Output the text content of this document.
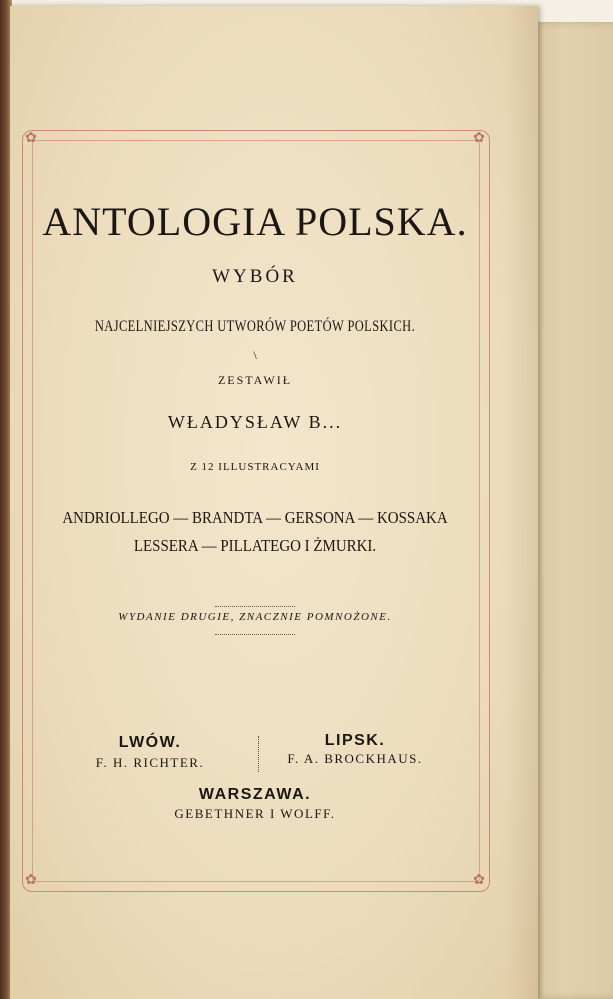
✿	✿
✿	✿
ANTOLOGIA POLSKA.
WYBÓR
NAJCELNIEJSZYCH UTWORÓW POETÓW POLSKICH.
\
ZESTAWIŁ
WŁADYSŁAW B...
Z 12 ILLUSTRACYAMI
ANDRIOLLEGO — BRANDTA — GERSONA — KOSSAKA
LESSERA — PILLATEGO I ŻMURKI.
WYDANIE DRUGIE, ZNACZNIE POMNOŻONE.
LWÓW.
F. H. RICHTER.
LIPSK.
F. A. BROCKHAUS.
WARSZAWA.
GEBETHNER I WOLFF.
